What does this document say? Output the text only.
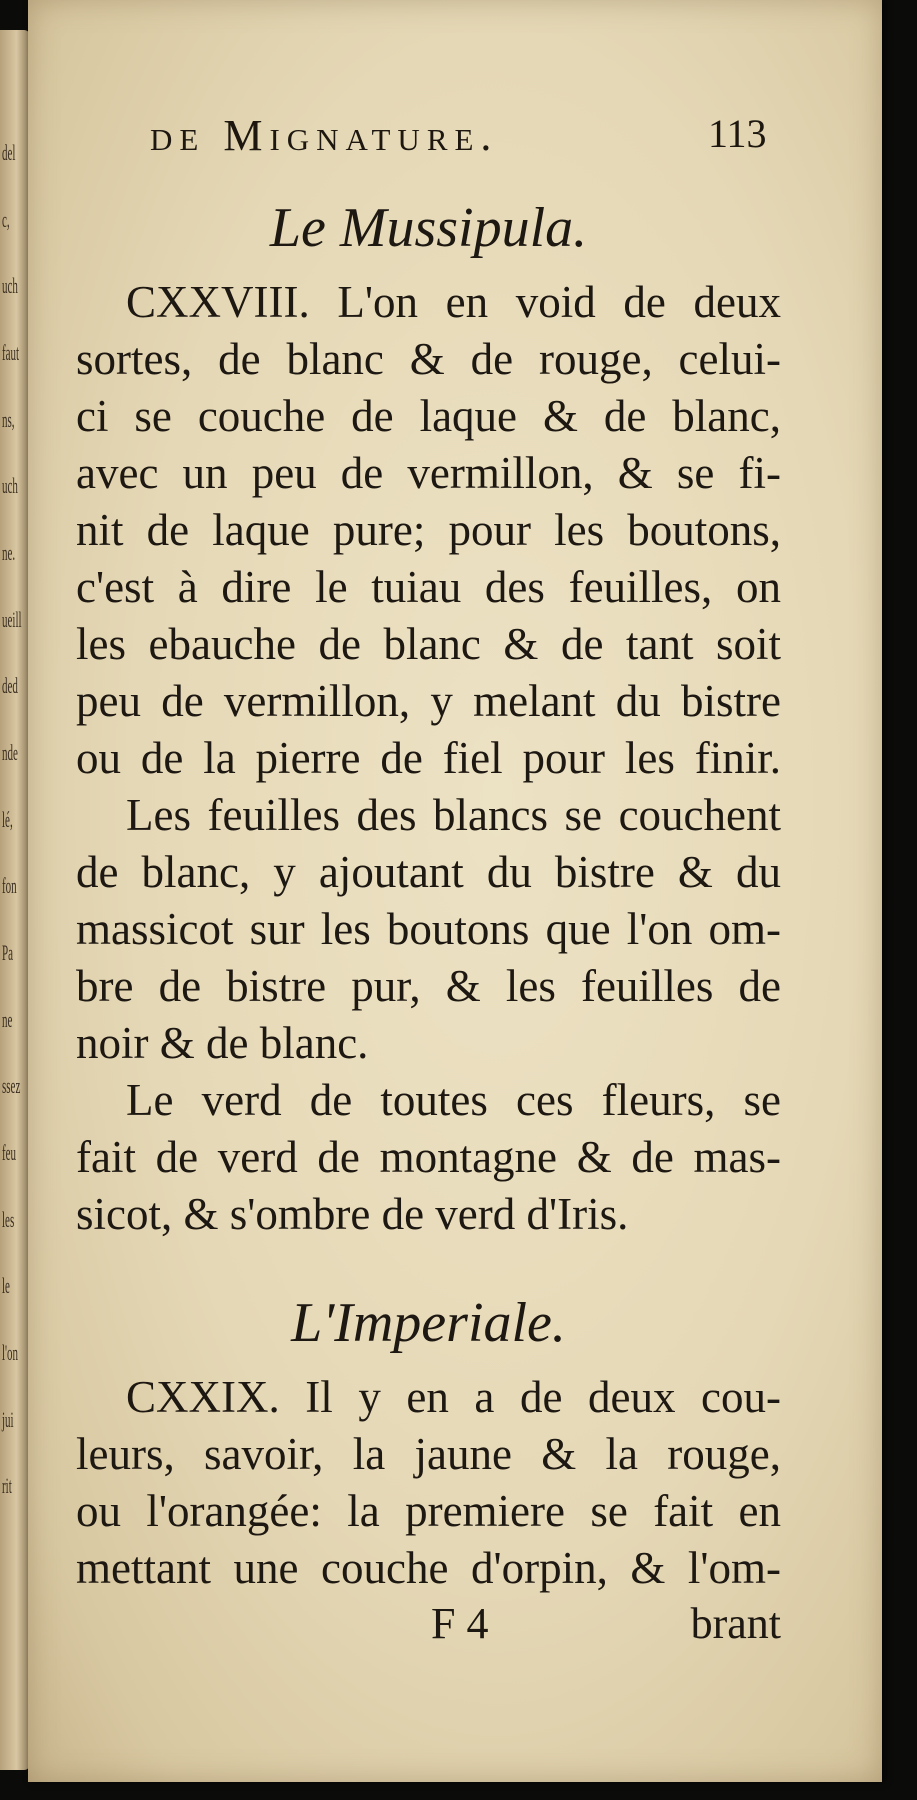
del
c,
uch
faut
ns,
uch
ne.
ueill
ded
nde
lé,
fon
Pa
ne
ssez
feu
les
le
l'on
jui
rit
de Mignature.	113
Le Mussipula.
CXXVIII. L'on en void de deux
sortes, de blanc & de rouge, celui-
ci se couche de laque & de blanc,
avec un peu de vermillon, & se fi-
nit de laque pure; pour les boutons,
c'est à dire le tuiau des feuilles, on
les ebauche de blanc & de tant soit
peu de vermillon, y melant du bistre
ou de la pierre de fiel pour les finir.
Les feuilles des blancs se couchent
de blanc, y ajoutant du bistre & du
massicot sur les boutons que l'on om-
bre de bistre pur, & les feuilles de
noir & de blanc.
Le verd de toutes ces fleurs, se
fait de verd de montagne & de mas-
sicot, & s'ombre de verd d'Iris.
L'Imperiale.
CXXIX. Il y en a de deux cou-
leurs, savoir, la jaune & la rouge,
ou l'orangée: la premiere se fait en
mettant une couche d'orpin, & l'om-
F 4	brant
